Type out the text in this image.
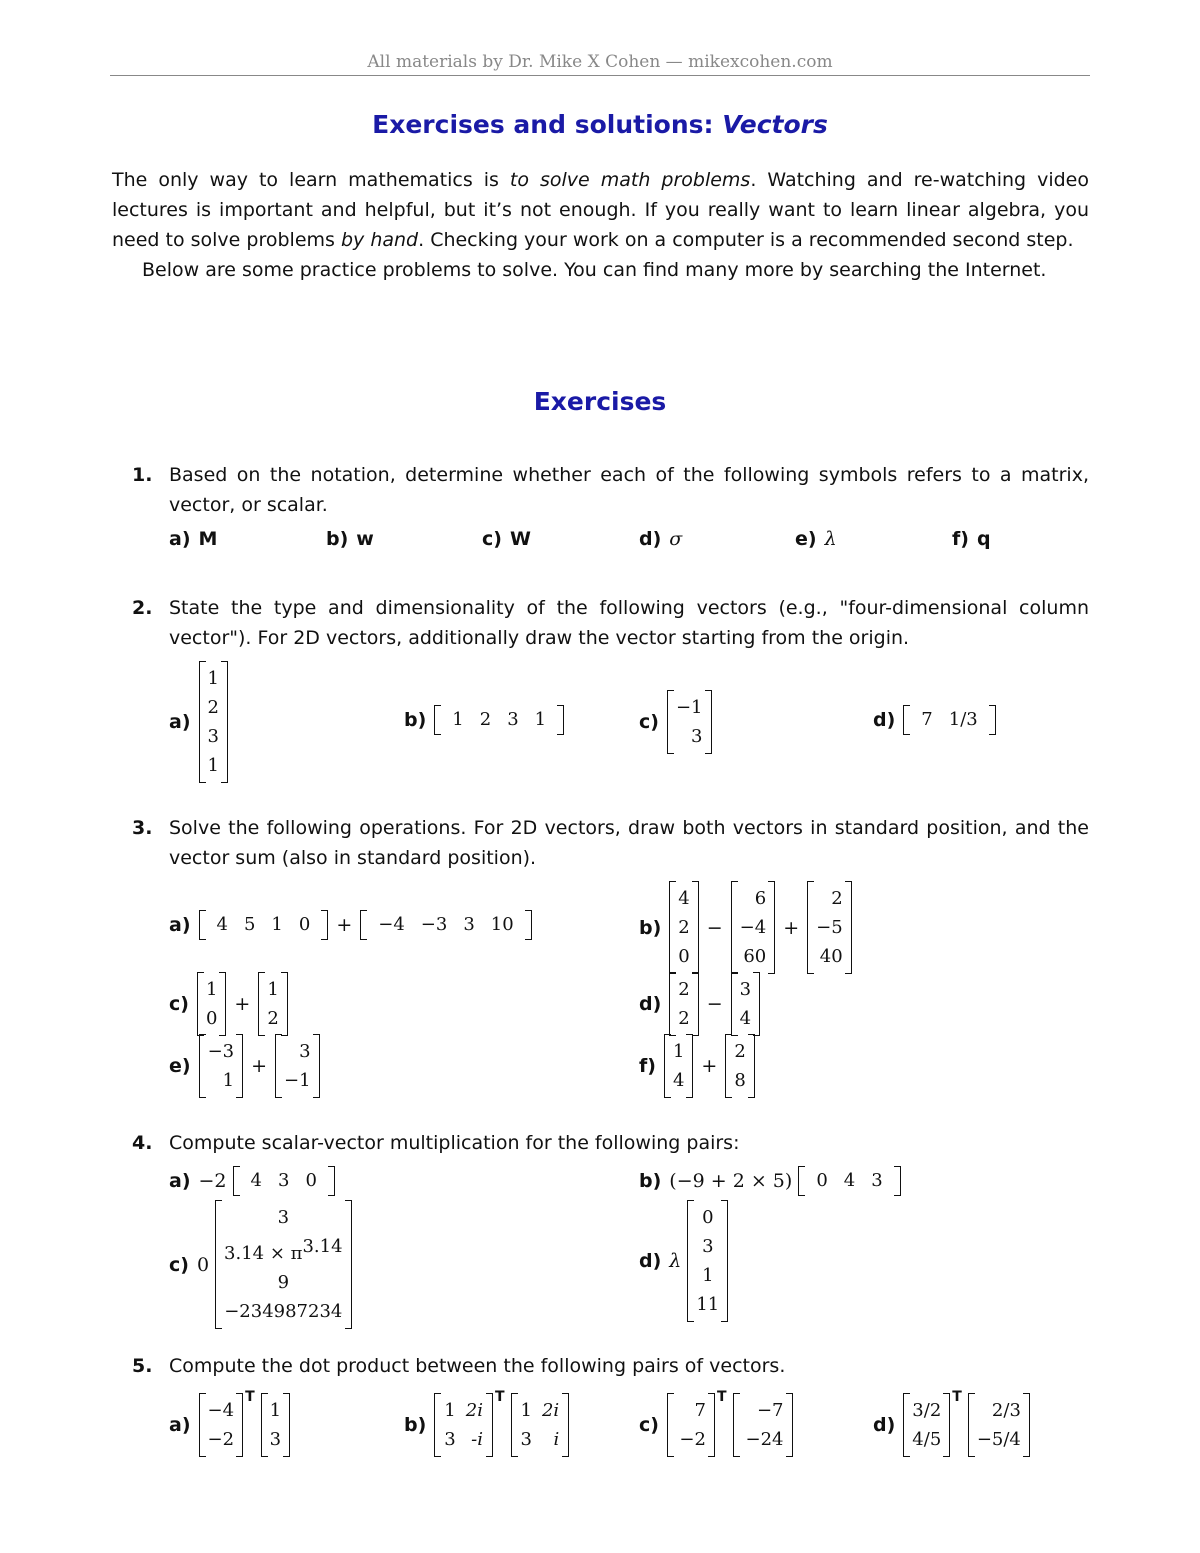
All materials by Dr. Mike X Cohen — mikexcohen.com
Exercises and solutions: Vectors

The only way to learn mathematics is to solve math problems. Watching and re-watching video lectures is important and helpful, but it’s not enough. If you really want to learn linear algebra, you need to solve problems by hand. Checking your work on a computer is a recommended second step.

Below are some practice problems to solve. You can find many more by searching the Internet.

Exercises
1. Based on the notation, determine whether each of the following symbols refers to a matrix, vector, or scalar.
a) M	b) w	c) W	d) σ	e) λ	f) q
2. State the type and dimensionality of the following vectors (e.g., "four-dimensional column vector"). For 2D vectors, additionally draw the vector starting from the origin.
a)
1
2
3
1
b) 1 2 3 1	c)
−1
3
d) 7 1/3
3. Solve the following operations. For 2D vectors, draw both vectors in standard position, and the vector sum (also in standard position).
a) 4 5 1 0 + −4 −3 3 10	b)
4
2
0
−
6
−4
60
+
2
−5
40
c)
1
0
+
1
2
d)
2
2
−
3
4
e)
−3
1
+
3
−1
f)
1
4
+
2
8
4. Compute scalar-vector multiplication for the following pairs:
a) −2 4 3 0	b) (−9 + 2 × 5) 0 4 3
c) 0
3
3.14 × π3.14
9
−234987234
d) λ
0
3
1
11
5. Compute the dot product between the following pairs of vectors.
a)
−4
−2
T
1
3
b)
1 2i
3 -i
T
1 2i
3	i
c)
7
−2
T
−7
−24
d)
3/2
4/5
T
2/3
−5/4
